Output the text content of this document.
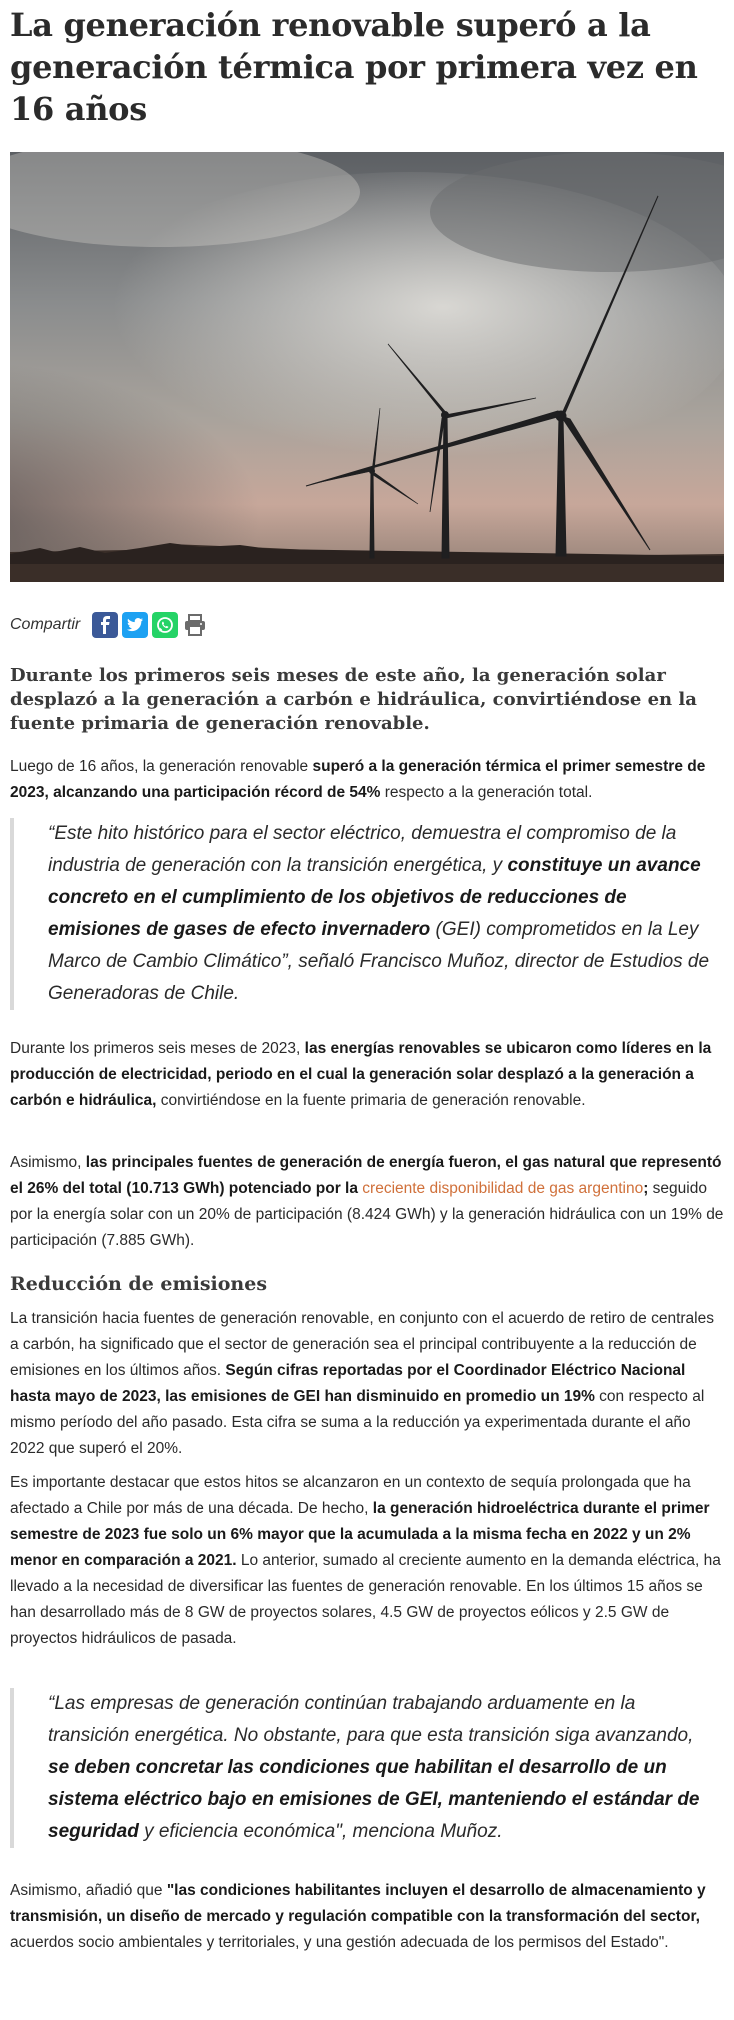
La generación renovable superó a la generación térmica por primera vez en 16 años
Compartir

Durante los primeros seis meses de este año, la generación solar desplazó a la generación a carbón e hidráulica, convirtiéndose en la fuente primaria de generación renovable.

Luego de 16 años, la generación renovable superó a la generación térmica el primer semestre de 2023, alcanzando una participación récord de 54% respecto a la generación total.

“Este hito histórico para el sector eléctrico, demuestra el compromiso de la industria de generación con la transición energética, y constituye un avance concreto en el cumplimiento de los objetivos de reducciones de emisiones de gases de efecto invernadero (GEI) comprometidos en la Ley Marco de Cambio Climático”, señaló Francisco Muñoz, director de Estudios de Generadoras de Chile.

Durante los primeros seis meses de 2023, las energías renovables se ubicaron como líderes en la producción de electricidad, periodo en el cual la generación solar desplazó a la generación a carbón e hidráulica, convirtiéndose en la fuente primaria de generación renovable.

Asimismo, las principales fuentes de generación de energía fueron, el gas natural que representó el 26% del total (10.713 GWh) potenciado por la creciente disponibilidad de gas argentino; seguido por la energía solar con un 20% de participación (8.424 GWh) y la generación hidráulica con un 19% de participación (7.885 GWh).

Reducción de emisiones

La transición hacia fuentes de generación renovable, en conjunto con el acuerdo de retiro de centrales a carbón, ha significado que el sector de generación sea el principal contribuyente a la reducción de emisiones en los últimos años. Según cifras reportadas por el Coordinador Eléctrico Nacional hasta mayo de 2023, las emisiones de GEI han disminuido en promedio un 19% con respecto al mismo período del año pasado. Esta cifra se suma a la reducción ya experimentada durante el año 2022 que superó el 20%.

Es importante destacar que estos hitos se alcanzaron en un contexto de sequía prolongada que ha afectado a Chile por más de una década. De hecho, la generación hidroeléctrica durante el primer semestre de 2023 fue solo un 6% mayor que la acumulada a la misma fecha en 2022 y un 2% menor en comparación a 2021. Lo anterior, sumado al creciente aumento en la demanda eléctrica, ha llevado a la necesidad de diversificar las fuentes de generación renovable. En los últimos 15 años se han desarrollado más de 8 GW de proyectos solares, 4.5 GW de proyectos eólicos y 2.5 GW de proyectos hidráulicos de pasada.

“Las empresas de generación continúan trabajando arduamente en la transición energética. No obstante, para que esta transición siga avanzando, se deben concretar las condiciones que habilitan el desarrollo de un sistema eléctrico bajo en emisiones de GEI, manteniendo el estándar de seguridad y eficiencia económica", menciona Muñoz.

Asimismo, añadió que "las condiciones habilitantes incluyen el desarrollo de almacenamiento y transmisión, un diseño de mercado y regulación compatible con la transformación del sector, acuerdos socio ambientales y territoriales, y una gestión adecuada de los permisos del Estado".
